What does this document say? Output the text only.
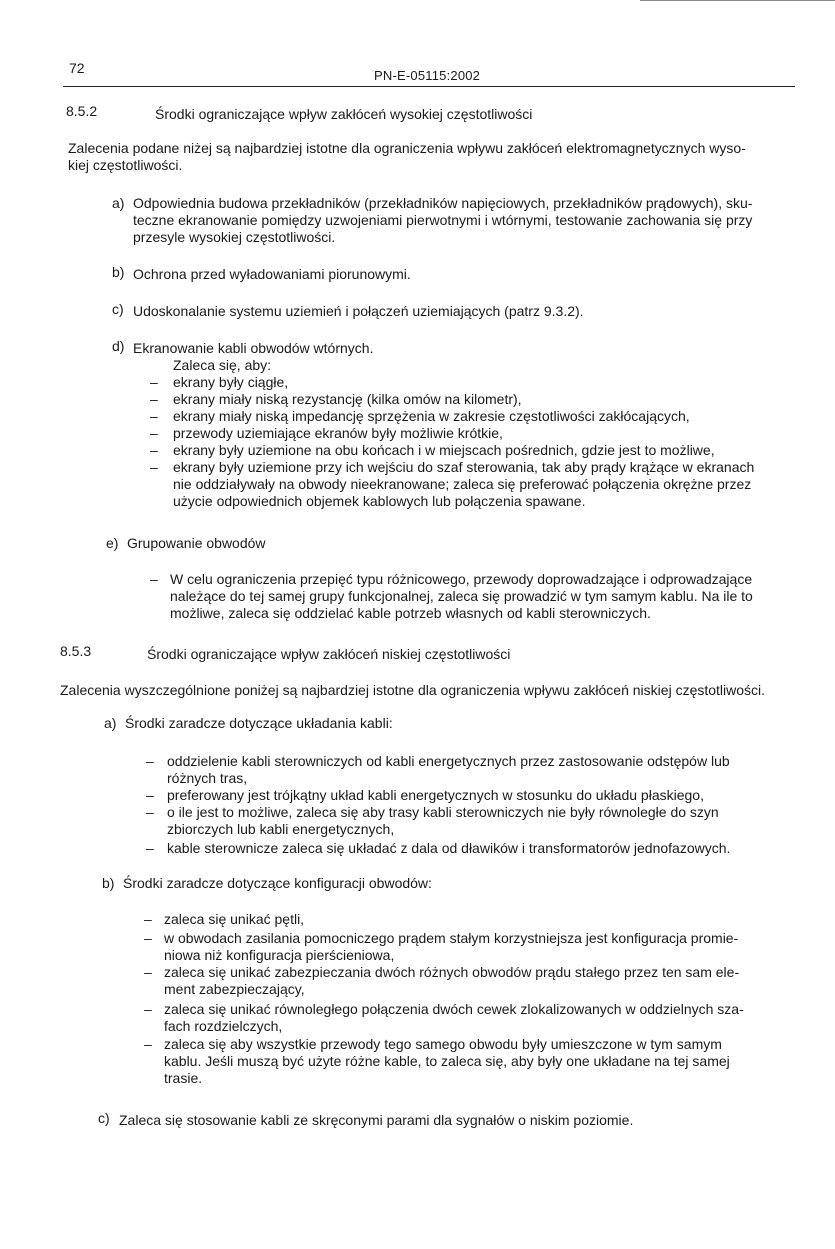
72	PN-E-05115:2002
8.5.2	Środki ograniczające wpływ zakłóceń wysokiej częstotliwości
Zalecenia podane niżej są najbardziej istotne dla ograniczenia wpływu zakłóceń elektromagnetycznych wyso-
kiej częstotliwości.
a) Odpowiednia budowa przekładników (przekładników napięciowych, przekładników prądowych), sku-
teczne ekranowanie pomiędzy uzwojeniami pierwotnymi i wtórnymi, testowanie zachowania się przy
przesyle wysokiej częstotliwości.
b) Ochrona przed wyładowaniami piorunowymi.
c) Udoskonalanie systemu uziemień i połączeń uziemiających (patrz 9.3.2).
d) Ekranowanie kabli obwodów wtórnych.
Zaleca się, aby:
– ekrany były ciągłe,
– ekrany miały niską rezystancję (kilka omów na kilometr),
– ekrany miały niską impedancję sprzężenia w zakresie częstotliwości zakłócających,
– przewody uziemiające ekranów były możliwie krótkie,
– ekrany były uziemione na obu końcach i w miejscach pośrednich, gdzie jest to możliwe,
– ekrany były uziemione przy ich wejściu do szaf sterowania, tak aby prądy krążące w ekranach
nie oddziaływały na obwody nieekranowane; zaleca się preferować połączenia okrężne przez
użycie odpowiednich objemek kablowych lub połączenia spawane.
e) Grupowanie obwodów
– W celu ograniczenia przepięć typu różnicowego, przewody doprowadzające i odprowadzające
należące do tej samej grupy funkcjonalnej, zaleca się prowadzić w tym samym kablu. Na ile to
możliwe, zaleca się oddzielać kable potrzeb własnych od kabli sterowniczych.
8.5.3	Środki ograniczające wpływ zakłóceń niskiej częstotliwości
Zalecenia wyszczególnione poniżej są najbardziej istotne dla ograniczenia wpływu zakłóceń niskiej częstotliwości.
a) Środki zaradcze dotyczące układania kabli:
– oddzielenie kabli sterowniczych od kabli energetycznych przez zastosowanie odstępów lub
różnych tras,
– preferowany jest trójkątny układ kabli energetycznych w stosunku do układu płaskiego,
– o ile jest to możliwe, zaleca się aby trasy kabli sterowniczych nie były równoległe do szyn
zbiorczych lub kabli energetycznych,
– kable sterownicze zaleca się układać z dala od dławików i transformatorów jednofazowych.
b) Środki zaradcze dotyczące konfiguracji obwodów:
– zaleca się unikać pętli,
– w obwodach zasilania pomocniczego prądem stałym korzystniejsza jest konfiguracja promie-
niowa niż konfiguracja pierścieniowa,
– zaleca się unikać zabezpieczania dwóch różnych obwodów prądu stałego przez ten sam ele-
ment zabezpieczający,
– zaleca się unikać równoległego połączenia dwóch cewek zlokalizowanych w oddzielnych sza-
fach rozdzielczych,
– zaleca się aby wszystkie przewody tego samego obwodu były umieszczone w tym samym
kablu. Jeśli muszą być użyte różne kable, to zaleca się, aby były one układane na tej samej
trasie.
c) Zaleca się stosowanie kabli ze skręconymi parami dla sygnałów o niskim poziomie.
